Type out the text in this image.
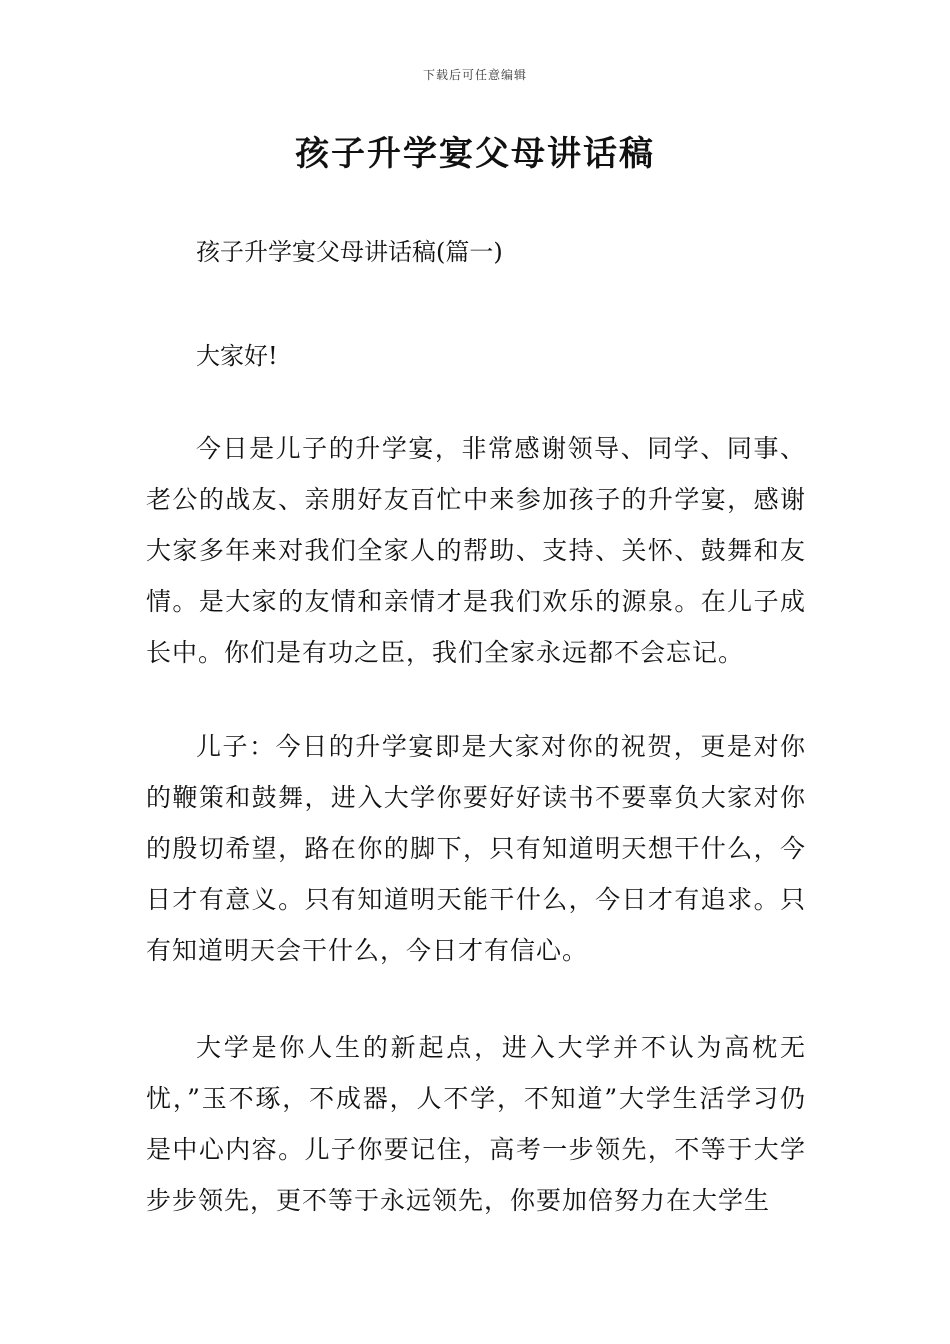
下载后可任意编辑
孩子升学宴父母讲话稿
孩子升学宴父母讲话稿(篇一)
大家好!

今日是儿子的升学宴，非常感谢领导、同学、同事、老公的战友、亲朋好友百忙中来参加孩子的升学宴，感谢大家多年来对我们全家人的帮助、支持、关怀、鼓舞和友情。是大家的友情和亲情才是我们欢乐的源泉。在儿子成长中。你们是有功之臣，我们全家永远都不会忘记。

儿子：今日的升学宴即是大家对你的祝贺，更是对你的鞭策和鼓舞，进入大学你要好好读书不要辜负大家对你的殷切希望，路在你的脚下，只有知道明天想干什么，今日才有意义。只有知道明天能干什么，今日才有追求。只有知道明天会干什么，今日才有信心。

大学是你人生的新起点，进入大学并不认为高枕无忧，”玉不琢，不成器，人不学，不知道”大学生活学习仍是中心内容。儿子你要记住，高考一步领先，不等于大学步步领先，更不等于永远领先，你要加倍努力在大学生
